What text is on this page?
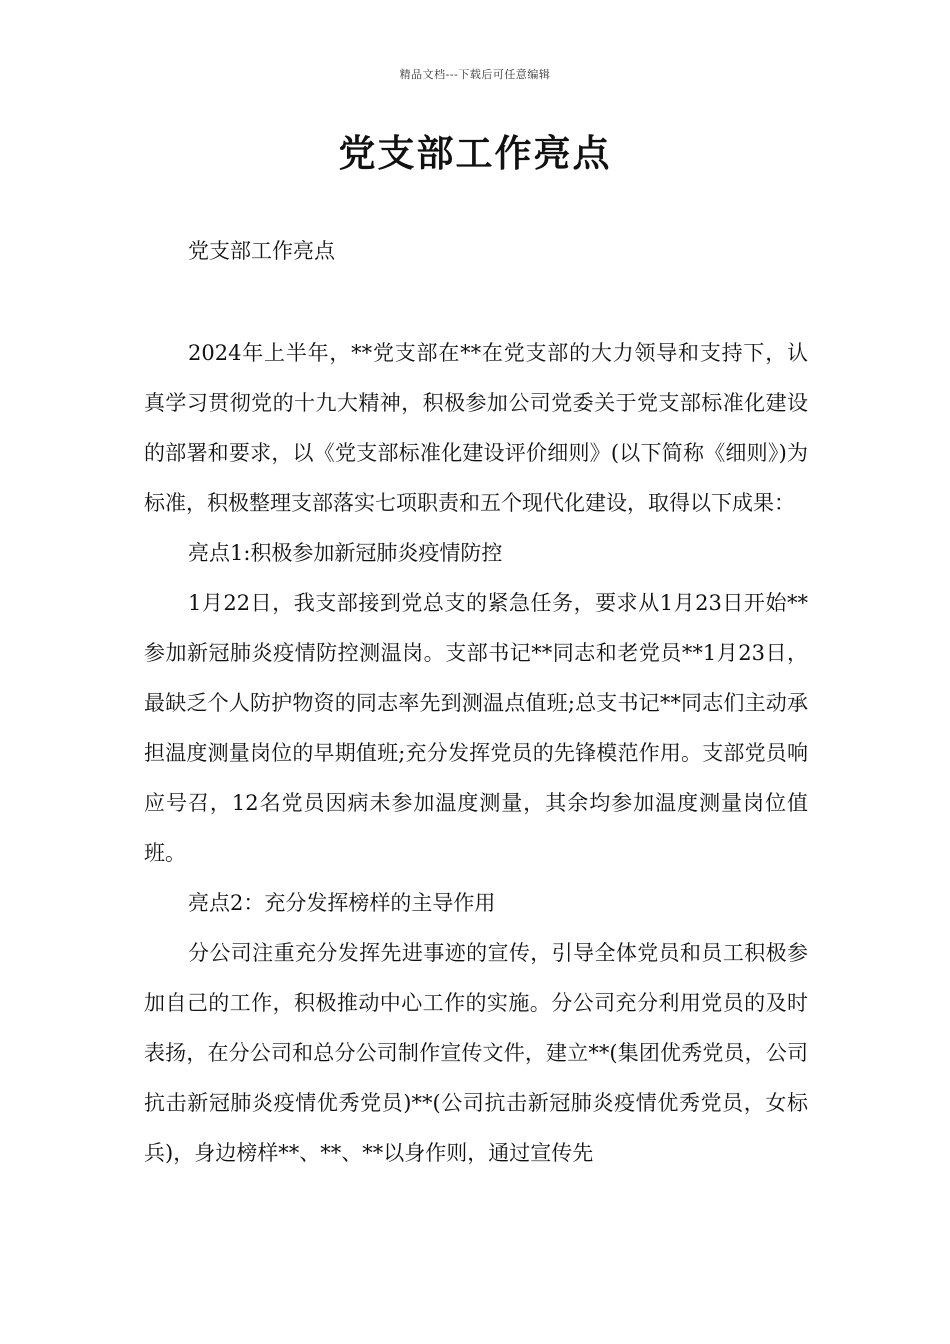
精品文档---下载后可任意编辑
党支部工作亮点
党支部工作亮点

2024年上半年，**党支部在**在党支部的大力领导和支持下，认真学习贯彻党的十九大精神，积极参加公司党委关于党支部标准化建设的部署和要求，以《党支部标准化建设评价细则》(以下简称《细则》)为标准，积极整理支部落实七项职责和五个现代化建设，取得以下成果：

亮点1:积极参加新冠肺炎疫情防控

1月22日，我支部接到党总支的紧急任务，要求从1月23日开始**参加新冠肺炎疫情防控测温岗。支部书记**同志和老党员**1月23日，最缺乏个人防护物资的同志率先到测温点值班;总支书记**同志们主动承担温度测量岗位的早期值班;充分发挥党员的先锋模范作用。支部党员响应号召，12名党员因病未参加温度测量，其余均参加温度测量岗位值班。

亮点2：充分发挥榜样的主导作用

分公司注重充分发挥先进事迹的宣传，引导全体党员和员工积极参加自己的工作，积极推动中心工作的实施。分公司充分利用党员的及时表扬，在分公司和总分公司制作宣传文件，建立**(集团优秀党员，公司抗击新冠肺炎疫情优秀党员)**(公司抗击新冠肺炎疫情优秀党员，女标兵)，身边榜样**、**、**以身作则，通过宣传先
